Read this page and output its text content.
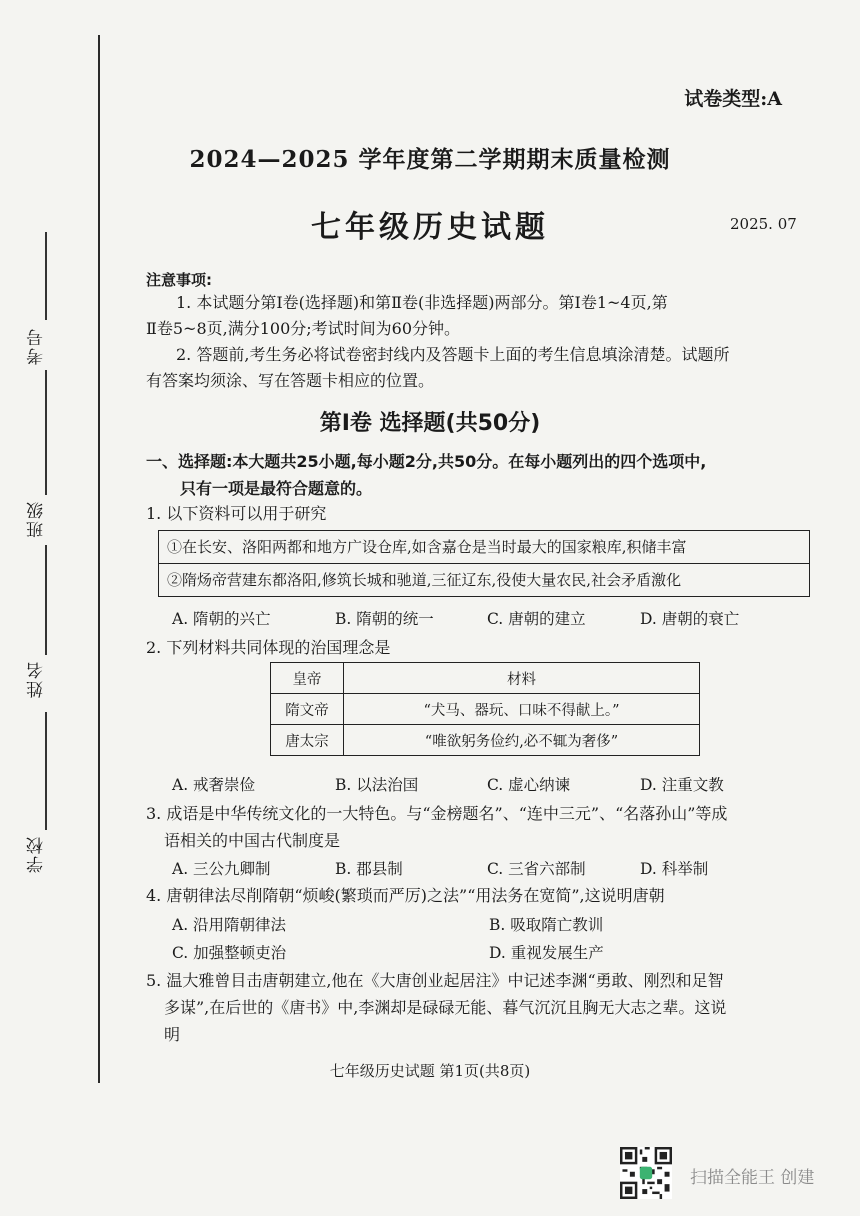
考号
班级
姓名
学校
试卷类型:A
2024—2025 学年度第二学期期末质量检测
七年级历史试题	2025. 07
注意事项:
1. 本试题分第Ⅰ卷(选择题)和第Ⅱ卷(非选择题)两部分。第Ⅰ卷1~4页,第
Ⅱ卷5~8页,满分100分;考试时间为60分钟。
2. 答题前,考生务必将试卷密封线内及答题卡上面的考生信息填涂清楚。试题所
有答案均须涂、写在答题卡相应的位置。
第Ⅰ卷 选择题(共50分)
一、选择题:本大题共25小题,每小题2分,共50分。在每小题列出的四个选项中,
只有一项是最符合题意的。
1. 以下资料可以用于研究
①在长安、洛阳两都和地方广设仓库,如含嘉仓是当时最大的国家粮库,积储丰富
②隋炀帝营建东都洛阳,修筑长城和驰道,三征辽东,役使大量农民,社会矛盾激化
A. 隋朝的兴亡	B. 隋朝的统一	C. 唐朝的建立	D. 唐朝的衰亡
2. 下列材料共同体现的治国理念是
皇帝	材料
隋文帝	“犬马、器玩、口味不得献上。”
唐太宗	“唯欲躬务俭约,必不辄为奢侈”
A. 戒奢崇俭	B. 以法治国	C. 虚心纳谏	D. 注重文教
3. 成语是中华传统文化的一大特色。与“金榜题名”、“连中三元”、“名落孙山”等成
语相关的中国古代制度是
A. 三公九卿制	B. 郡县制	C. 三省六部制	D. 科举制
4. 唐朝律法尽削隋朝“烦峻(繁琐而严厉)之法”“用法务在宽简”,这说明唐朝
A. 沿用隋朝律法	B. 吸取隋亡教训
C. 加强整顿吏治	D. 重视发展生产
5. 温大雅曾目击唐朝建立,他在《大唐创业起居注》中记述李渊“勇敢、刚烈和足智
多谋”,在后世的《唐书》中,李渊却是碌碌无能、暮气沉沉且胸无大志之辈。这说
明
七年级历史试题 第1页(共8页)
扫描全能王 创建
